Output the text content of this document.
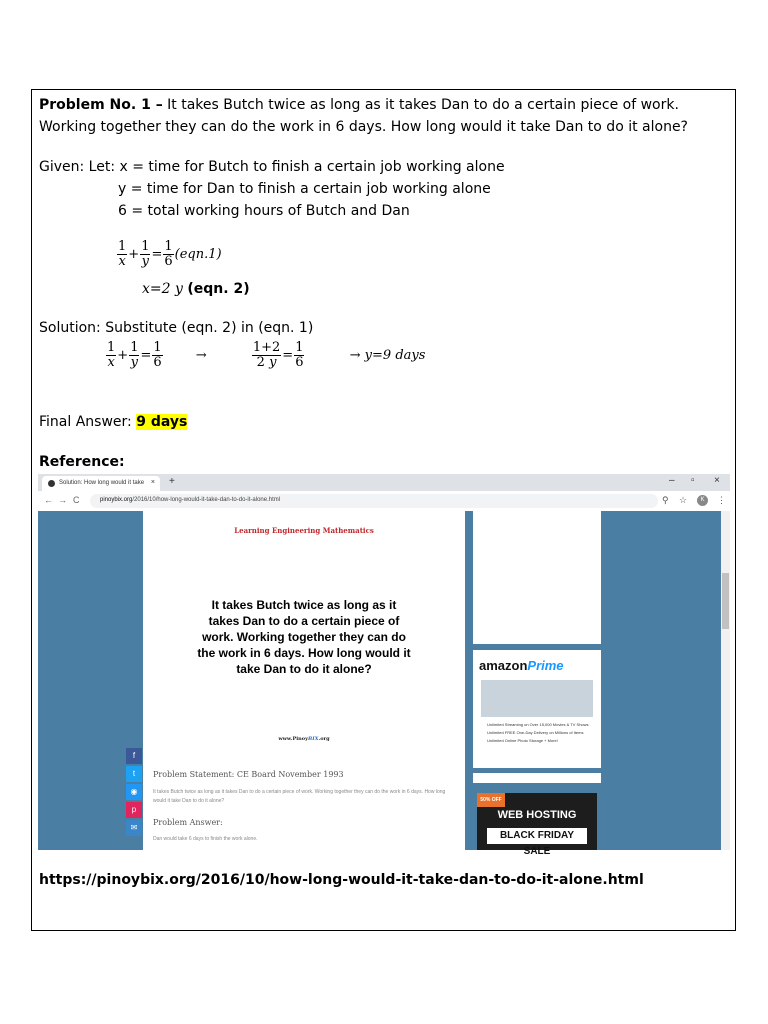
Problem No. 1 – It takes Butch twice as long as it takes Dan to do a certain piece of work.
Working together they can do the work in 6 days. How long would it take Dan to do it alone?
Given: Let: x = time for Butch to finish a certain job working alone
y = time for Dan to finish a certain job working alone
6 = total working hours of Butch and Dan
$\frac{1}{x} + \frac{1}{y} = \frac{1}{6} (eqn.1)$
x=2 y (eqn. 2)
Solution: Substitute (eqn. 2) in (eqn. 1)
$\frac{1}{x} + \frac{1}{y} = \frac{1}{6}$	→	$\frac{1+2}{2 y} = \frac{1}{6}$	→ y=9 days
Final Answer: 9 days
Reference:
Solution: How long would it take × +	– ▫ ×
← → C	pinoybix.org/2016/10/how-long-would-it-take-dan-to-do-it-alone.html	⚲ ☆	K	⋮
Learning Engineering Mathematics
It takes Butch twice as long as it takes Dan to do a certain piece of work. Working together they can do the work in 6 days. How long would it take Dan to do it alone?
www.PinoyBIX.org
Problem Statement: CE Board November 1993
It takes Butch twice as long as it takes Dan to do a certain piece of work. Working together they can do the work in 6 days. How long would it take Dan to do it alone?
Problem Answer:
Dan would take 6 days to finish the work alone.
f
t
◉
p
✉
amazonPrime
Unlimited Streaming on Over 15,000 Movies & TV Shows
Unlimited FREE One-Day Delivery on Millions of Items
Unlimited Online Photo Storage + More!
50% OFF
WEB HOSTING
BLACK FRIDAY SALE
https://pinoybix.org/2016/10/how-long-would-it-take-dan-to-do-it-alone.html
